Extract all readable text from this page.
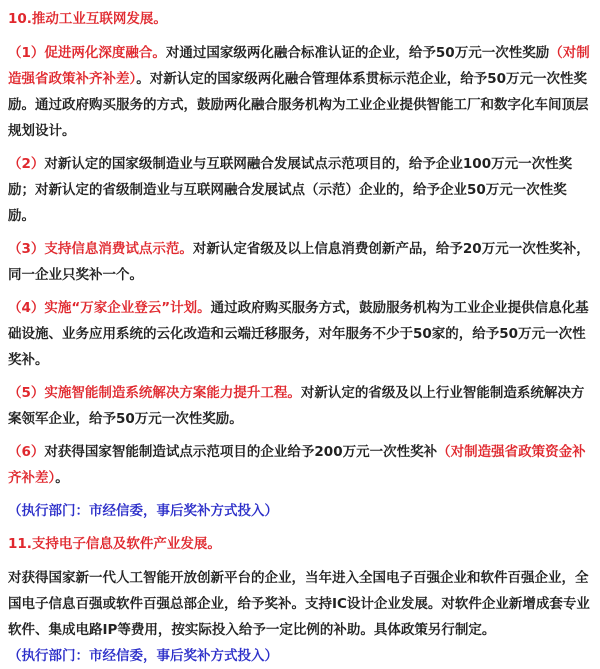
10.推动工业互联网发展。

（1）促进两化深度融合。对通过国家级两化融合标准认证的企业，给予50万元一次性奖励（对制造强省政策补齐补差）。对新认定的国家级两化融合管理体系贯标示范企业，给予50万元一次性奖励。通过政府购买服务的方式，鼓励两化融合服务机构为工业企业提供智能工厂和数字化车间顶层规划设计。

（2）对新认定的国家级制造业与互联网融合发展试点示范项目的，给予企业100万元一次性奖励；对新认定的省级制造业与互联网融合发展试点（示范）企业的，给予企业50万元一次性奖励。

（3）支持信息消费试点示范。对新认定省级及以上信息消费创新产品，给予20万元一次性奖补，同一企业只奖补一个。

（4）实施“万家企业登云”计划。通过政府购买服务方式，鼓励服务机构为工业企业提供信息化基础设施、业务应用系统的云化改造和云端迁移服务，对年服务不少于50家的，给予50万元一次性奖补。

（5）实施智能制造系统解决方案能力提升工程。对新认定的省级及以上行业智能制造系统解决方案领军企业，给予50万元一次性奖励。

（6）对获得国家智能制造试点示范项目的企业给予200万元一次性奖补（对制造强省政策资金补齐补差）。

（执行部门：市经信委，事后奖补方式投入）

11.支持电子信息及软件产业发展。

对获得国家新一代人工智能开放创新平台的企业，当年进入全国电子百强企业和软件百强企业，全国电子信息百强或软件百强总部企业，给予奖补。支持IC设计企业发展。对软件企业新增成套专业软件、集成电路IP等费用，按实际投入给予一定比例的补助。具体政策另行制定。

（执行部门：市经信委，事后奖补方式投入）
